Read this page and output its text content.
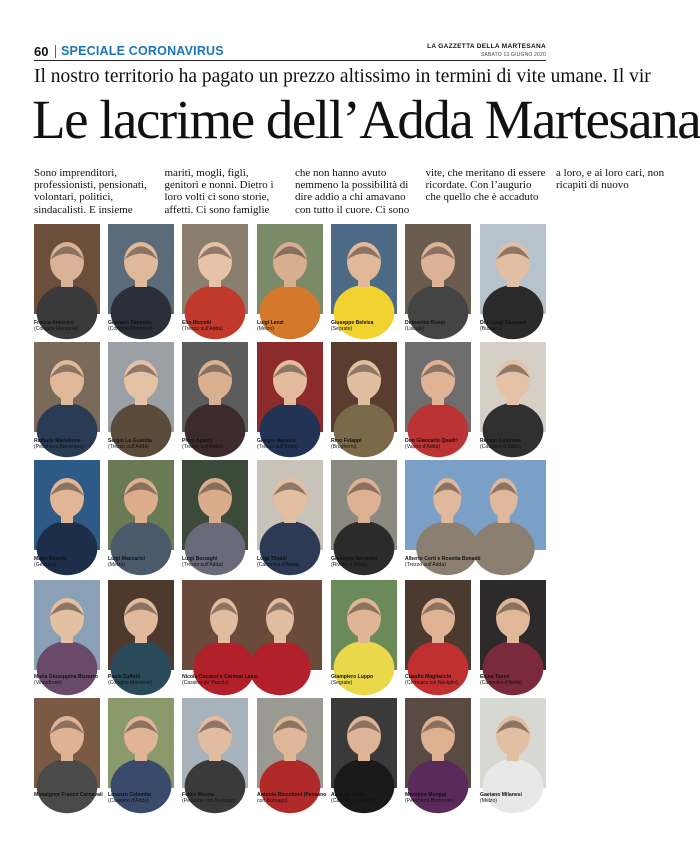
60 SPECIALE CORONAVIRUS	LA GAZZETTA DELLA MARTESANA
SABATO 13 GIUGNO 2020
Il nostro territorio ha pagato un prezzo altissimo in termini di vite umane. Il vir
Le lacrime dell’Adda Martesana
Sono imprenditori, professionisti, pensionati, volontari, politici, sindacalisti. E insieme mariti, mogli, figli, genitori e nonni. Dietro i loro volti ci sono storie, affetti. Ci sono famiglie che non hanno avuto nemmeno la possibilità di dire addio a chi amavano con tutto il cuore. Ci sono vite, che meritano di essere ricordate. Con l’augurio che quello che è accaduto a loro, e ai loro cari, non ricapiti di nuovo
Franca Antonino
(Cologno Monzese)
Gennaro Simeone
(Cologno Monzese)
Elio Riccetti
(Trezzo sull’Adda)
Luigi Lenzi
(Melzo)
Giuseppe Belvisa
(Segrate)
Domenico Rossi
(Liscate)
Don Luigi Giussani
(Bussero)
Raffaele Martellone
(Peschiera Borromeo)
Sergio La Guardia
(Trezzo sull’Adda)
Piero Agazzi
(Trezzo sull’Adda)
Giorgio Manenti
(Trezzo sull’Adda)
Rino Felappi
(Brugherio)
Don Giancarlo Quadri
(Vaprio d’Adda)
Renato Colombo
(Cassano d’Adda)
Mario Ronchi
(Gessate)
Luigi Mascarini
(Melzo)
Luigi Borzaghi
(Trezzo sull’Adda)
Luigi Tibaldi
(Canonica d’Adda)
Giuseppe Bonadeo
(Rivolta d’Adda)
Alberto Corti e Rosetta Bonadè
(Trezzo sull’Adda)
Maria Giuseppina Bizzarro
(Vimodrone)
Paola Zuffetti
(Cologno Monzese)
Nicola Cocucci e Carmen Laino
(Cassina de’ Pecchi)
Giampiero Luppo
(Segrate)
Claudio Magliacchi
(Cernusco sul Naviglio)
Elena Tasso
(Canonica d’Adda)
Monsignor Franco Carnevali Lorenzo Colombo
(Cassano d’Adda)
Felice Menna
(Pessano con Bornago)
Antonio Riccoboni (Pessano
con Bornago)
Antonio Melia
(Cassina de’ Pecchi)
Massimo Monggi
(Peschiera Borromeo)
Gaetano Milanesi
(Melzo)
